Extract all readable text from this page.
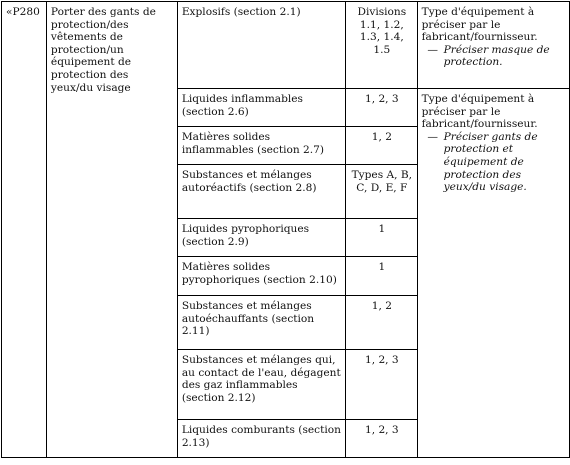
«P280	Porter des gants de protection/des vêtements de protection/un équipement de protection des yeux/du visage	Explosifs (section 2.1)	Divisions 1.1, 1.2, 1.3, 1.4, 1.5	Type d'équipement à préciser par le fabricant/fournisseur.
— Préciser masque de protection.

		Liquides inflammables (section 2.6)	1, 2, 3	Type d'équipement à préciser par le fabricant/fournisseur.
— Préciser gants de protection et équipement de protection des yeux/du visage.

		Matières solides inflammables (section 2.7)	1, 2	
		Substances et mélanges autoréactifs (section 2.8)	Types A, B, C, D, E, F	
		Liquides pyrophoriques (section 2.9)	1	
		Matières solides pyrophoriques (section 2.10)	1	
		Substances et mélanges autoéchauffants (section 2.11)	1, 2	
		Substances et mélanges qui, au contact de l'eau, dégagent des gaz inflammables (section 2.12)	1, 2, 3	
		Liquides comburants (section 2.13)	1, 2, 3	
